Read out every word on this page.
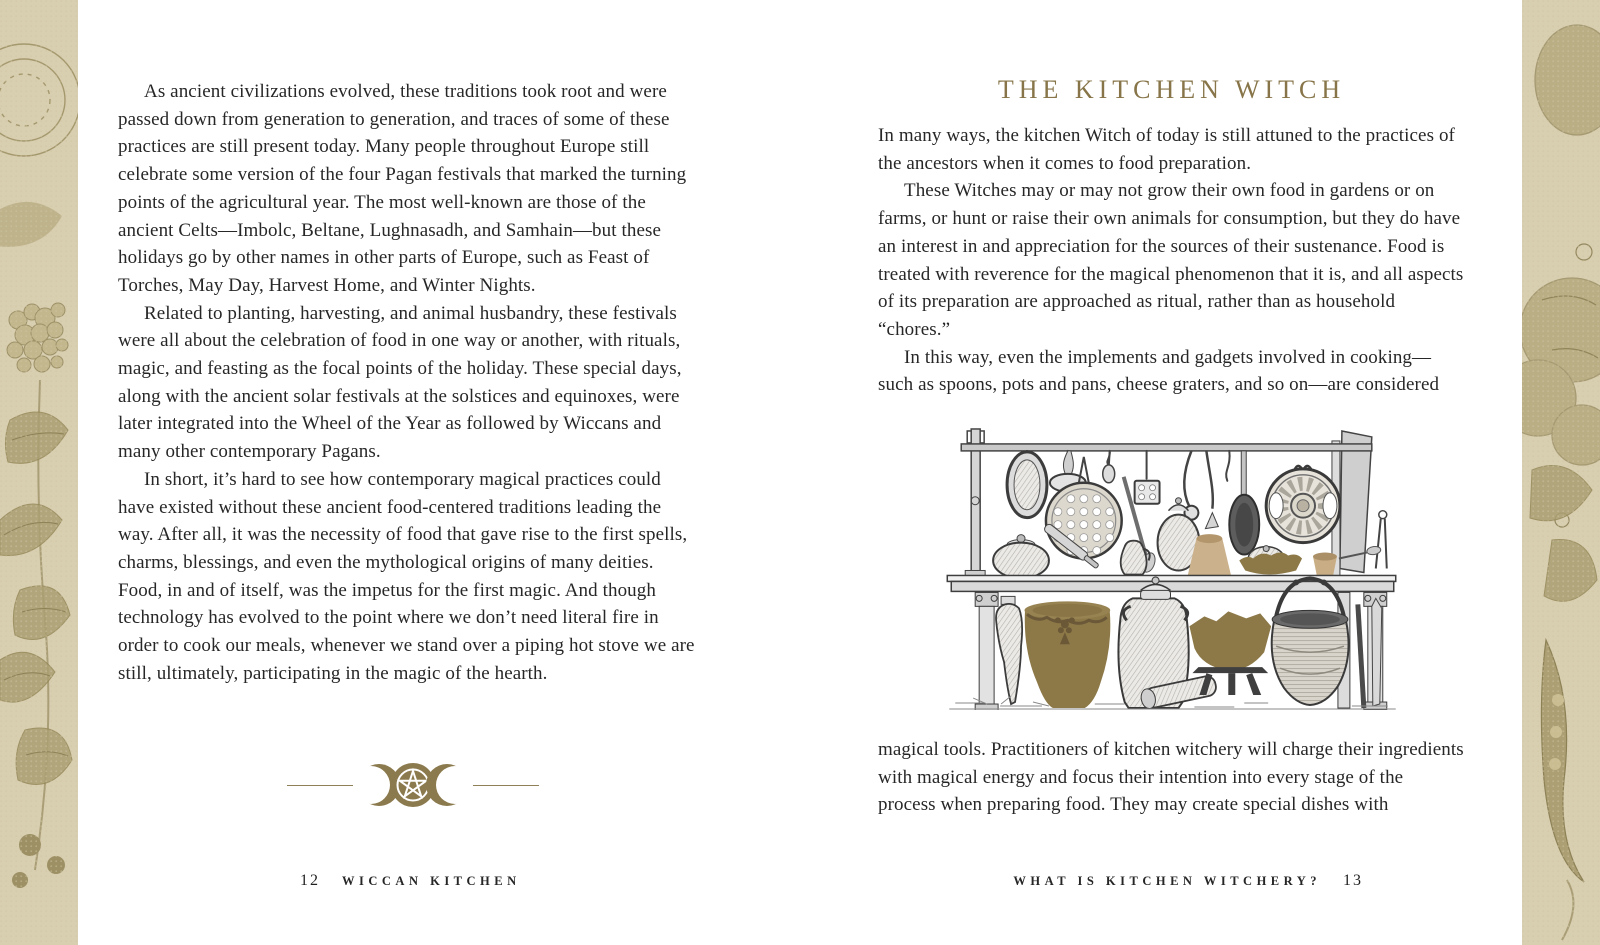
As ancient civilizations evolved, these traditions took root and were passed down from generation to generation, and traces of some of these practices are still present today. Many people throughout Europe still celebrate some version of the four Pagan festivals that marked the turning points of the agricultural year. The most well-known are those of the ancient Celts—Imbolc, Beltane, Lughnasadh, and Samhain—but these holidays go by other names in other parts of Europe, such as Feast of Torches, May Day, Harvest Home, and Winter Nights.

Related to planting, harvesting, and animal husbandry, these festivals were all about the celebration of food in one way or another, with rituals, magic, and feasting as the focal points of the holiday. These special days, along with the ancient solar festivals at the solstices and equinoxes, were later integrated into the Wheel of the Year as followed by Wiccans and many other contemporary Pagans.

In short, it’s hard to see how contemporary magical practices could have existed without these ancient food-centered traditions leading the way. After all, it was the necessity of food that gave rise to the first spells, charms, blessings, and even the mythological origins of many deities. Food, in and of itself, was the impetus for the first magic. And though technology has evolved to the point where we don’t need literal fire in order to cook our meals, whenever we stand over a piping hot stove we are still, ultimately, participating in the magic of the hearth.

12 WICCAN KITCHEN
THE KITCHEN WITCH

In many ways, the kitchen Witch of today is still attuned to the practices of the ancestors when it comes to food preparation.

These Witches may or may not grow their own food in gardens or on farms, or hunt or raise their own animals for consumption, but they do have an interest in and appreciation for the sources of their sustenance. Food is treated with reverence for the magical phenomenon that it is, and all aspects of its preparation are approached as ritual, rather than as household “chores.”

In this way, even the implements and gadgets involved in cooking—such as spoons, pots and pans, cheese graters, and so on—are considered

magical tools. Practitioners of kitchen witchery will charge their ingredients with magical energy and focus their intention into every stage of the process when preparing food. They may create special dishes with

WHAT IS KITCHEN WITCHERY? 13
